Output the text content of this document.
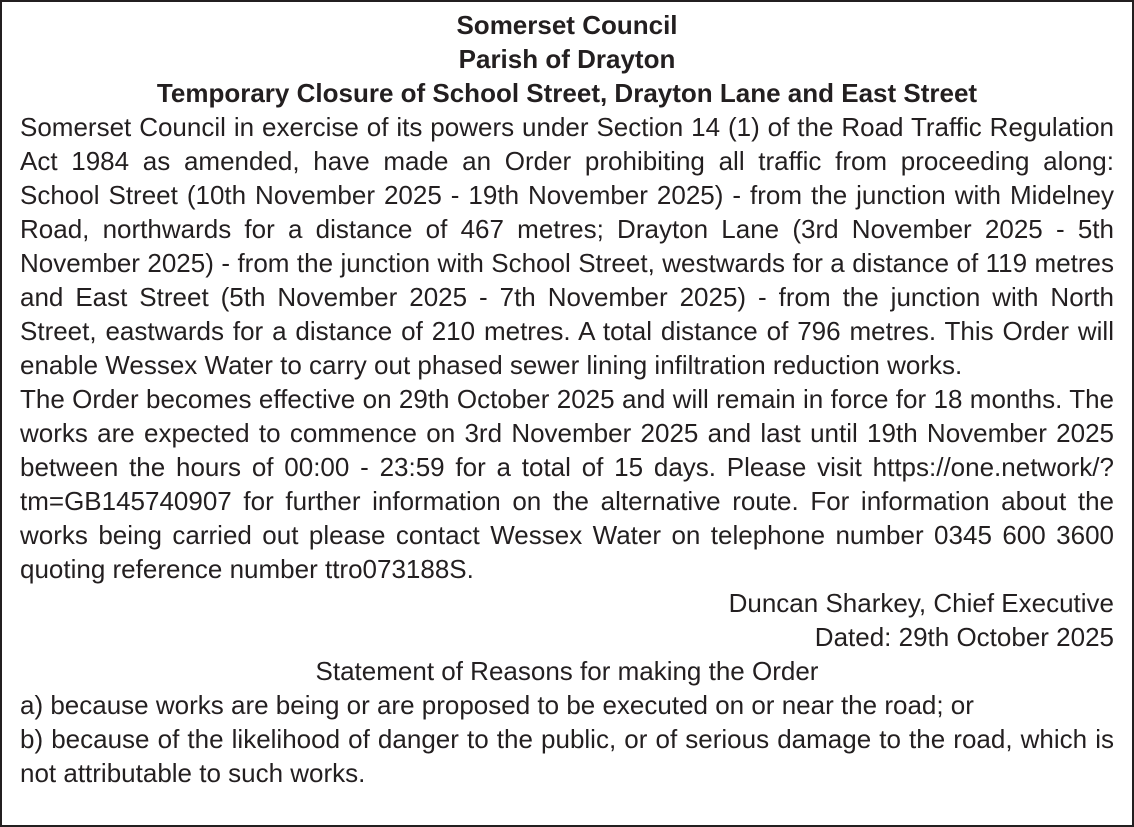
Somerset Council
Parish of Drayton
Temporary Closure of School Street, Drayton Lane and East Street

Somerset Council in exercise of its powers under Section 14 (1) of the Road Traffic Regulation Act 1984 as amended, have made an Order prohibiting all traffic from proceeding along: School Street (10th November 2025 - 19th November 2025) - from the junction with Midelney Road, northwards for a distance of 467 metres; Drayton Lane (3rd November 2025 - 5th November 2025) - from the junction with School Street, westwards for a distance of 119 metres and East Street (5th November 2025 - 7th November 2025) - from the junction with North Street, eastwards for a distance of 210 metres. A total distance of 796 metres. This Order will enable Wessex Water to carry out phased sewer lining infiltration reduction works.

The Order becomes effective on 29th October 2025 and will remain in force for 18 months. The works are expected to commence on 3rd November 2025 and last until 19th November 2025 between the hours of 00:00 - 23:59 for a total of 15 days. Please visit https://one.network/?tm=GB145740907 for further information on the alternative route. For information about the works being carried out please contact Wessex Water on telephone number 0345 600 3600 quoting reference number ttro073188S.

Duncan Sharkey, Chief Executive
Dated: 29th October 2025
Statement of Reasons for making the Order

a) because works are being or are proposed to be executed on or near the road; or

b) because of the likelihood of danger to the public, or of serious damage to the road, which is not attributable to such works.
